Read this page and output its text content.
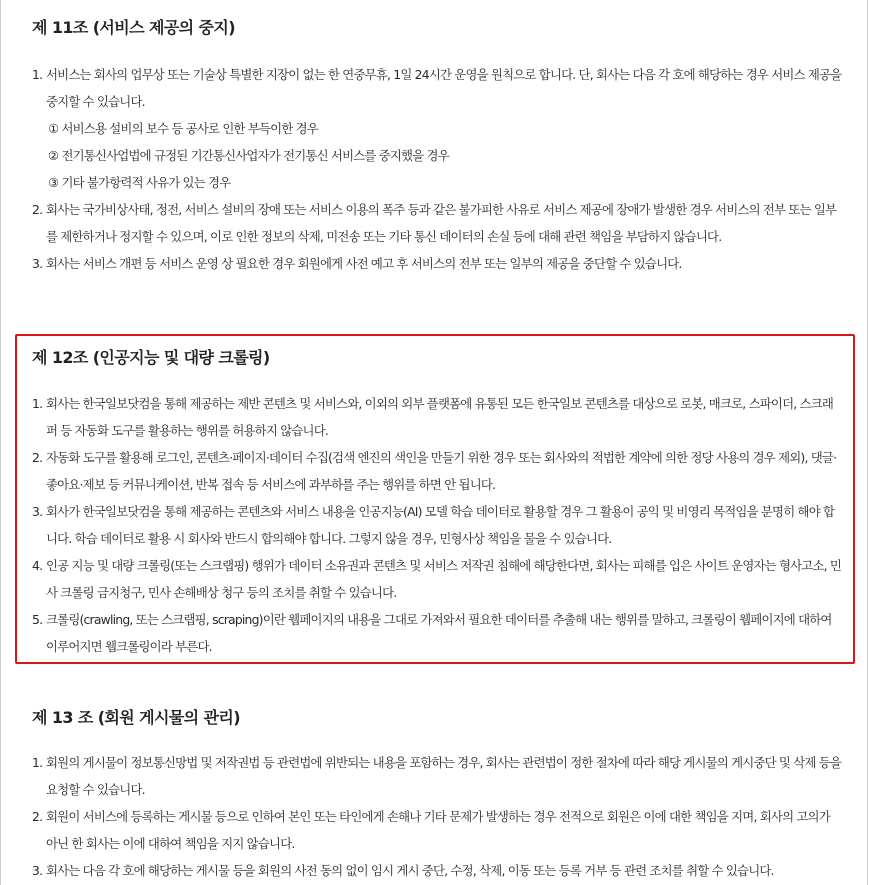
제 11조 (서비스 제공의 중지)
1. 서비스는 회사의 업무상 또는 기술상 특별한 지장이 없는 한 연중무휴, 1일 24시간 운영을 원칙으로 합니다. 단, 회사는 다음 각 호에 해당하는 경우 서비스 제공을 중지할 수 있습니다.
① 서비스용 설비의 보수 등 공사로 인한 부득이한 경우
② 전기통신사업법에 규정된 기간통신사업자가 전기통신 서비스를 중지했을 경우
③ 기타 불가항력적 사유가 있는 경우
2. 회사는 국가비상사태, 정전, 서비스 설비의 장애 또는 서비스 이용의 폭주 등과 같은 불가피한 사유로 서비스 제공에 장애가 발생한 경우 서비스의 전부 또는 일부를 제한하거나 정지할 수 있으며, 이로 인한 정보의 삭제, 미전송 또는 기타 통신 데이터의 손실 등에 대해 관련 책임을 부담하지 않습니다.
3. 회사는 서비스 개편 등 서비스 운영 상 필요한 경우 회원에게 사전 예고 후 서비스의 전부 또는 일부의 제공을 중단할 수 있습니다.
제 12조 (인공지능 및 대량 크롤링)
1. 회사는 한국일보닷컴을 통해 제공하는 제반 콘텐츠 및 서비스와, 이외의 외부 플랫폼에 유통된 모든 한국일보 콘텐츠를 대상으로 로봇, 매크로, 스파이더, 스크래퍼 등 자동화 도구를 활용하는 행위를 허용하지 않습니다.
2. 자동화 도구를 활용해 로그인, 콘텐츠·페이지·데이터 수집(검색 엔진의 색인을 만들기 위한 경우 또는 회사와의 적법한 계약에 의한 정당 사용의 경우 제외), 댓글·좋아요·제보 등 커뮤니케이션, 반복 접속 등 서비스에 과부하를 주는 행위를 하면 안 됩니다.
3. 회사가 한국일보닷컴을 통해 제공하는 콘텐츠와 서비스 내용을 인공지능(AI) 모델 학습 데이터로 활용할 경우 그 활용이 공익 및 비영리 목적임을 분명히 해야 합니다. 학습 데이터로 활용 시 회사와 반드시 합의해야 합니다. 그렇지 않을 경우, 민형사상 책임을 물을 수 있습니다.
4. 인공 지능 및 대량 크롤링(또는 스크랩핑) 행위가 데이터 소유권과 콘텐츠 및 서비스 저작권 침해에 해당한다면, 회사는 피해를 입은 사이트 운영자는 형사고소, 민사 크롤링 금지청구, 민사 손해배상 청구 등의 조치를 취할 수 있습니다.
5. 크롤링(crawling, 또는 스크랩핑, scraping)이란 웹페이지의 내용을 그대로 가져와서 필요한 데이터를 추출해 내는 행위를 말하고, 크롤링이 웹페이지에 대하여 이루어지면 웹크롤링이라 부른다.
제 13 조 (회원 게시물의 관리)
1. 회원의 게시물이 정보통신망법 및 저작권법 등 관련법에 위반되는 내용을 포함하는 경우, 회사는 관련법이 정한 절차에 따라 해당 게시물의 게시중단 및 삭제 등을 요청할 수 있습니다.
2. 회원이 서비스에 등록하는 게시물 등으로 인하여 본인 또는 타인에게 손해나 기타 문제가 발생하는 경우 전적으로 회원은 이에 대한 책임을 지며, 회사의 고의가 아닌 한 회사는 이에 대하여 책임을 지지 않습니다.
3. 회사는 다음 각 호에 해당하는 게시물 등을 회원의 사전 동의 없이 임시 게시 중단, 수정, 삭제, 이동 또는 등록 거부 등 관련 조치를 취할 수 있습니다.
